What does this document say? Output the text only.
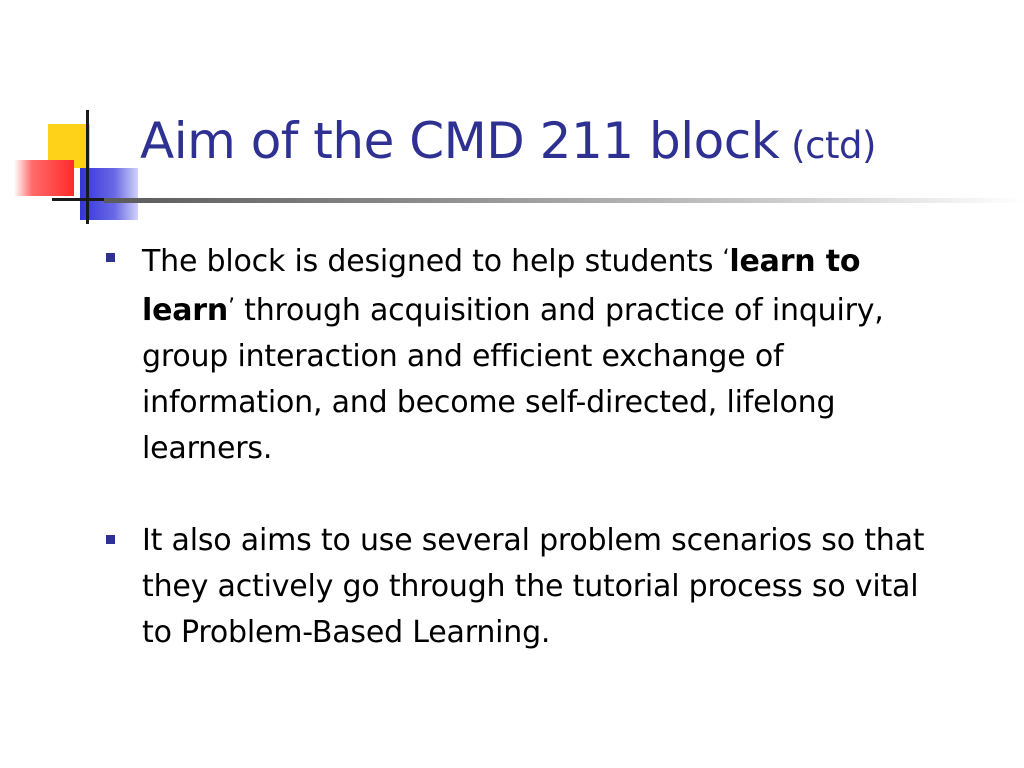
Aim of the CMD 211 block (ctd)
The block is designed to help students ‘learn to learn’ through acquisition and practice of inquiry, group interaction and efficient exchange of information, and become self-directed, lifelong learners.
It also aims to use several problem scenarios so that they actively go through the tutorial process so vital to Problem-Based Learning.
